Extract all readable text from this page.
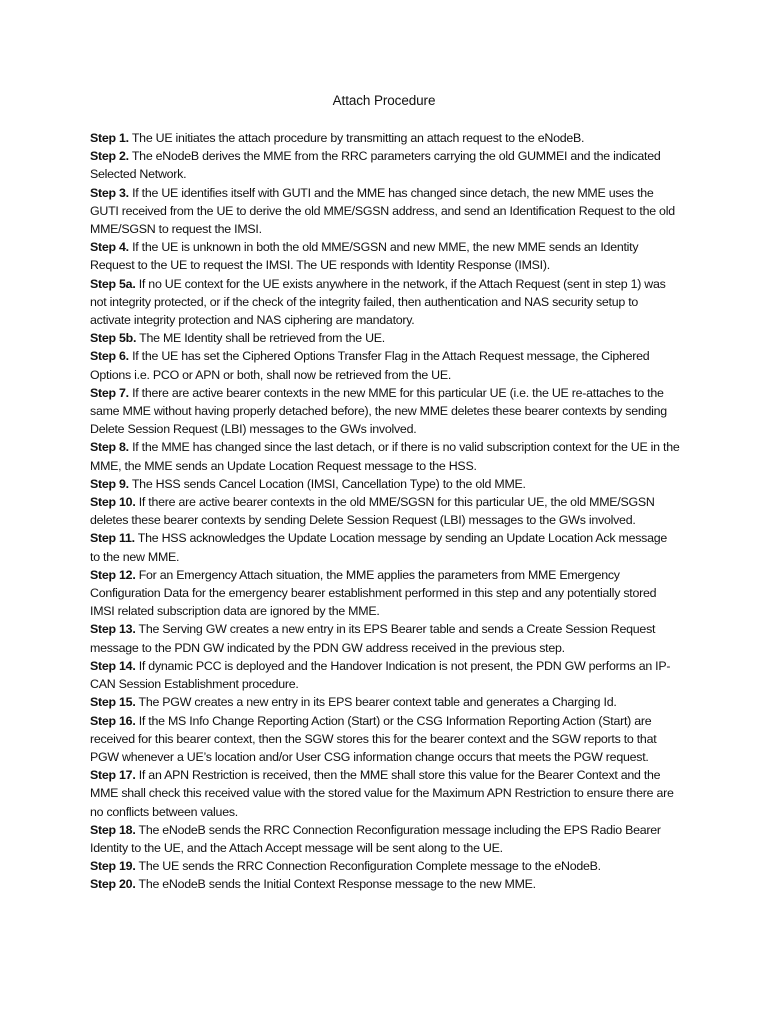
Attach Procedure
Step 1. The UE initiates the attach procedure by transmitting an attach request to the eNodeB.
Step 2. The eNodeB derives the MME from the RRC parameters carrying the old GUMMEI and the indicated Selected Network.
Step 3. If the UE identifies itself with GUTI and the MME has changed since detach, the new MME uses the GUTI received from the UE to derive the old MME/SGSN address, and send an Identification Request to the old MME/SGSN to request the IMSI.
Step 4. If the UE is unknown in both the old MME/SGSN and new MME, the new MME sends an Identity Request to the UE to request the IMSI. The UE responds with Identity Response (IMSI).
Step 5a. If no UE context for the UE exists anywhere in the network, if the Attach Request (sent in step 1) was not integrity protected, or if the check of the integrity failed, then authentication and NAS security setup to activate integrity protection and NAS ciphering are mandatory.
Step 5b. The ME Identity shall be retrieved from the UE.
Step 6. If the UE has set the Ciphered Options Transfer Flag in the Attach Request message, the Ciphered Options i.e. PCO or APN or both, shall now be retrieved from the UE.
Step 7. If there are active bearer contexts in the new MME for this particular UE (i.e. the UE re-attaches to the same MME without having properly detached before), the new MME deletes these bearer contexts by sending Delete Session Request (LBI) messages to the GWs involved.
Step 8. If the MME has changed since the last detach, or if there is no valid subscription context for the UE in the MME, the MME sends an Update Location Request message to the HSS.
Step 9. The HSS sends Cancel Location (IMSI, Cancellation Type) to the old MME.
Step 10. If there are active bearer contexts in the old MME/SGSN for this particular UE, the old MME/SGSN deletes these bearer contexts by sending Delete Session Request (LBI) messages to the GWs involved.
Step 11. The HSS acknowledges the Update Location message by sending an Update Location Ack message to the new MME.
Step 12. For an Emergency Attach situation, the MME applies the parameters from MME Emergency Configuration Data for the emergency bearer establishment performed in this step and any potentially stored IMSI related subscription data are ignored by the MME.
Step 13. The Serving GW creates a new entry in its EPS Bearer table and sends a Create Session Request message to the PDN GW indicated by the PDN GW address received in the previous step.
Step 14. If dynamic PCC is deployed and the Handover Indication is not present, the PDN GW performs an IP-CAN Session Establishment procedure.
Step 15. The PGW creates a new entry in its EPS bearer context table and generates a Charging Id.
Step 16. If the MS Info Change Reporting Action (Start) or the CSG Information Reporting Action (Start) are received for this bearer context, then the SGW stores this for the bearer context and the SGW reports to that PGW whenever a UE’s location and/or User CSG information change occurs that meets the PGW request.
Step 17. If an APN Restriction is received, then the MME shall store this value for the Bearer Context and the MME shall check this received value with the stored value for the Maximum APN Restriction to ensure there are no conflicts between values.
Step 18. The eNodeB sends the RRC Connection Reconfiguration message including the EPS Radio Bearer Identity to the UE, and the Attach Accept message will be sent along to the UE.
Step 19. The UE sends the RRC Connection Reconfiguration Complete message to the eNodeB.
Step 20. The eNodeB sends the Initial Context Response message to the new MME.
